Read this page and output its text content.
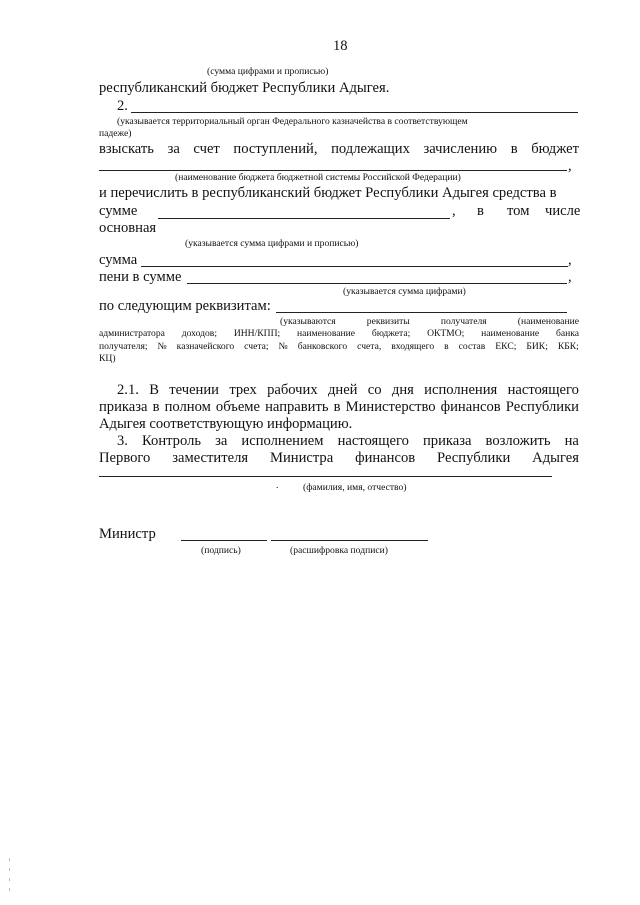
18
(сумма цифрами и прописью)
республиканский бюджет Республики Адыгея.
2.
(указывается территориальный орган Федерального казначейства в соответствующем
падеже)
взыскать за счет поступлений, подлежащих зачислению в бюджет
,
(наименование бюджета бюджетной системы Российской Федерации)
и перечислить в республиканский бюджет Республики Адыгея средства в
сумме	, в том числе
основная
(указывается сумма цифрами и прописью)
сумма	,
пени в сумме	,
(указывается сумма цифрами)
по следующим реквизитам:
(указываются	реквизиты	получателя	(наименование
администратора доходов; ИНН/КПП; наименование бюджета; ОКТМО; наименование банка
получателя; № казначейского счета; № банковского счета, входящего в состав ЕКС; БИК; КБК;
КЦ)
2.1. В течении трех рабочих дней со дня исполнения настоящего
приказа в полном объеме направить в Министерство финансов Республики
Адыгея соответствующую информацию.
3. Контроль за исполнением настоящего приказа возложить на
Первого заместителя Министра финансов Республики Адыгея
.	(фамилия, имя, отчество)
Министр
(подпись)	(расшифровка подписи)
